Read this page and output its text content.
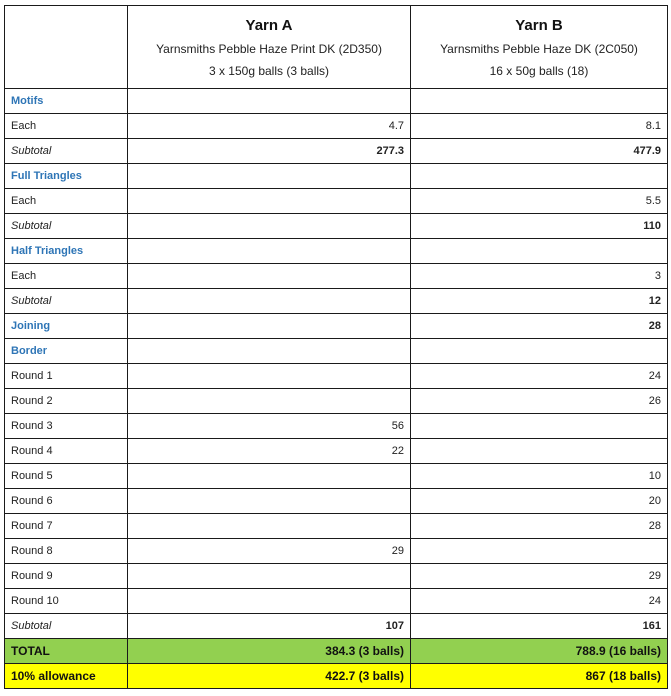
Yarn A
Yarnsmiths Pebble Haze Print DK (2D350)
3 x 150g balls (3 balls)

Yarn B
Yarnsmiths Pebble Haze DK (2C050)
16 x 50g balls (18)

Motifs		
Each	4.7	8.1
Subtotal	277.3	477.9
Full Triangles		
Each		5.5
Subtotal		110
Half Triangles		
Each		3
Subtotal		12
Joining		28
Border		
Round 1		24
Round 2		26
Round 3	56	
Round 4	22	
Round 5		10
Round 6		20
Round 7		28
Round 8	29	
Round 9		29
Round 10		24
Subtotal	107	161
TOTAL	384.3 (3 balls)	788.9 (16 balls)
10% allowance	422.7 (3 balls)	867 (18 balls)
